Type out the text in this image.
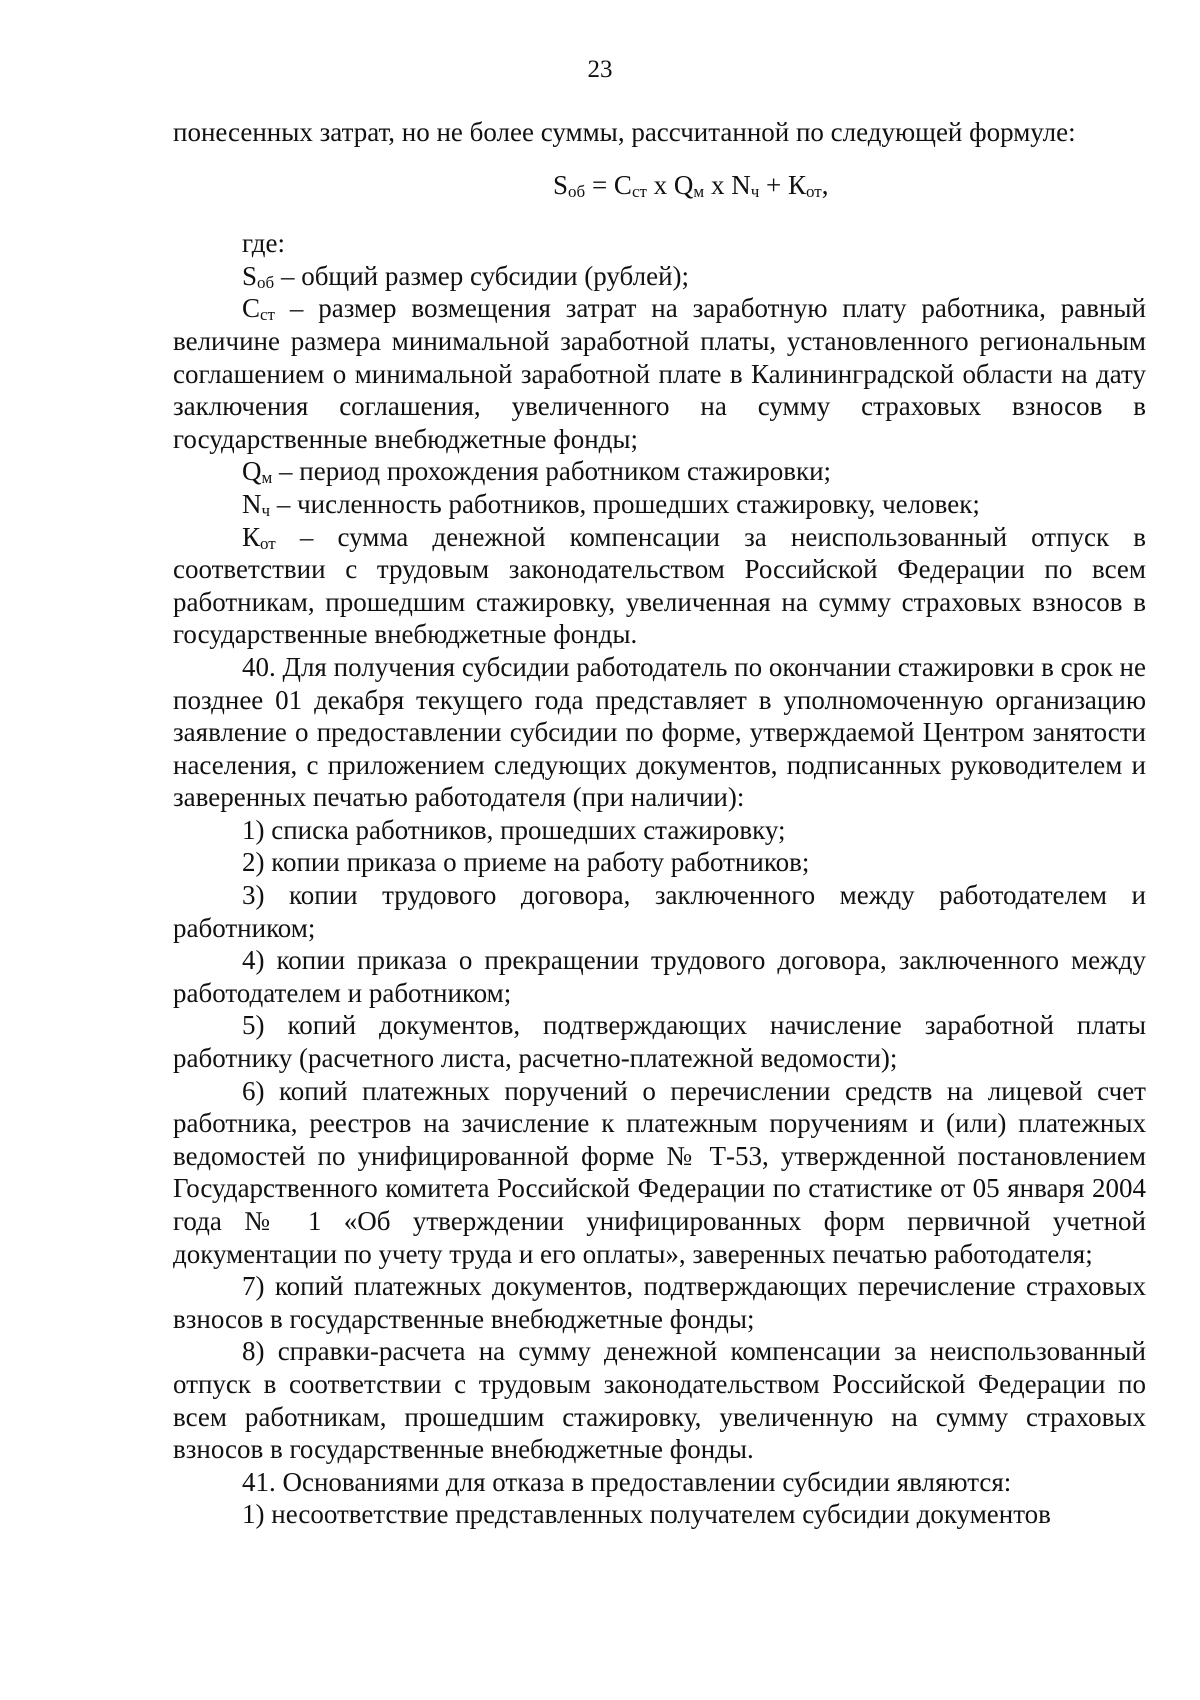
23

понесенных затрат, но не более суммы, рассчитанной по следующей формуле:

$S_{об} = С_{ст}$ х $Q_м$ х $N_ч + К_{от}$,

где:

$S_{об}$ – общий размер субсидии (рублей);

$С_{ст}$ – размер возмещения затрат на заработную плату работника, равный величине размера минимальной заработной платы, установленного региональным соглашением о минимальной заработной плате в Калининградской области на дату заключения соглашения, увеличенного на сумму страховых взносов в государственные внебюджетные фонды;

$Q_м$ – период прохождения работником стажировки;

$N_ч$ – численность работников, прошедших стажировку, человек;

$К_{от}$ – сумма денежной компенсации за неиспользованный отпуск в соответствии с трудовым законодательством Российской Федерации по всем работникам, прошедшим стажировку, увеличенная на сумму страховых взносов в государственные внебюджетные фонды.

40. Для получения субсидии работодатель по окончании стажировки в срок не позднее 01 декабря текущего года представляет в уполномоченную организацию заявление о предоставлении субсидии по форме, утверждаемой Центром занятости населения, с приложением следующих документов, подписанных руководителем и заверенных печатью работодателя (при наличии):

1) списка работников, прошедших стажировку;

2) копии приказа о приеме на работу работников;

3) копии трудового договора, заключенного между работодателем и работником;

4) копии приказа о прекращении трудового договора, заключенного между работодателем и работником;

5) копий документов, подтверждающих начисление заработной платы работнику (расчетного листа, расчетно-платежной ведомости);

6) копий платежных поручений о перечислении средств на лицевой счет работника, реестров на зачисление к платежным поручениям и (или) платежных ведомостей по унифицированной форме № Т-53, утвержденной постановлением Государственного комитета Российской Федерации по статистике от 05 января 2004 года № 1 «Об утверждении унифицированных форм первичной учетной документации по учету труда и его оплаты», заверенных печатью работодателя;

7) копий платежных документов, подтверждающих перечисление страховых взносов в государственные внебюджетные фонды;

8) справки-расчета на сумму денежной компенсации за неиспользованный отпуск в соответствии с трудовым законодательством Российской Федерации по всем работникам, прошедшим стажировку, увеличенную на сумму страховых взносов в государственные внебюджетные фонды.

41. Основаниями для отказа в предоставлении субсидии являются:

1) несоответствие представленных получателем субсидии документов
